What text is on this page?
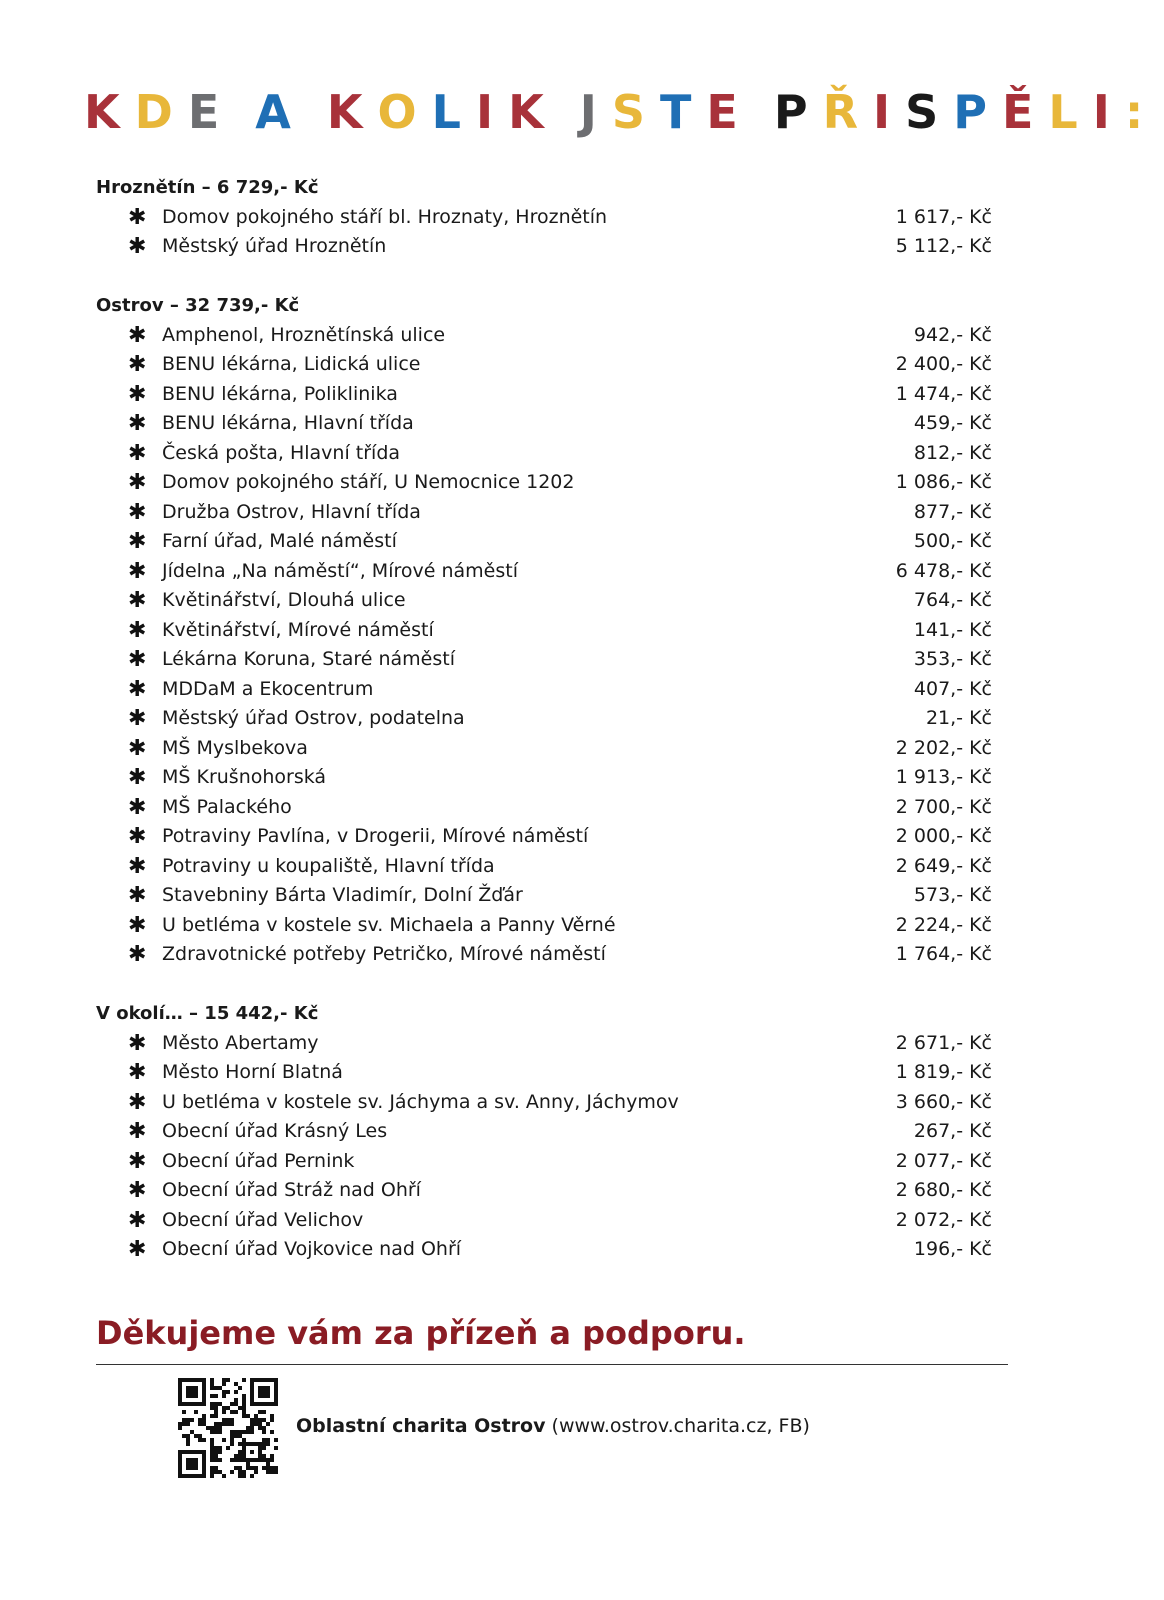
K D E A K O L I K J S T E P Ř I S P Ě L I :
Hroznětín – 6 729,- Kč
✱ Domov pokojného stáří bl. Hroznaty, Hroznětín	1 617,- Kč
✱ Městský úřad Hroznětín	5 112,- Kč
Ostrov – 32 739,- Kč
✱ Amphenol, Hroznětínská ulice	942,- Kč
✱ BENU lékárna, Lidická ulice	2 400,- Kč
✱ BENU lékárna, Poliklinika	1 474,- Kč
✱ BENU lékárna, Hlavní třída	459,- Kč
✱ Česká pošta, Hlavní třída	812,- Kč
✱ Domov pokojného stáří, U Nemocnice 1202	1 086,- Kč
✱ Družba Ostrov, Hlavní třída	877,- Kč
✱ Farní úřad, Malé náměstí	500,- Kč
✱ Jídelna „Na náměstí“, Mírové náměstí	6 478,- Kč
✱ Květinářství, Dlouhá ulice	764,- Kč
✱ Květinářství, Mírové náměstí	141,- Kč
✱ Lékárna Koruna, Staré náměstí	353,- Kč
✱ MDDaM a Ekocentrum	407,- Kč
✱ Městský úřad Ostrov, podatelna	21,- Kč
✱ MŠ Myslbekova	2 202,- Kč
✱ MŠ Krušnohorská	1 913,- Kč
✱ MŠ Palackého	2 700,- Kč
✱ Potraviny Pavlína, v Drogerii, Mírové náměstí	2 000,- Kč
✱ Potraviny u koupaliště, Hlavní třída	2 649,- Kč
✱ Stavebniny Bárta Vladimír, Dolní Žďár	573,- Kč
✱ U betléma v kostele sv. Michaela a Panny Věrné	2 224,- Kč
✱ Zdravotnické potřeby Petričko, Mírové náměstí	1 764,- Kč
V okolí… – 15 442,- Kč
✱ Město Abertamy	2 671,- Kč
✱ Město Horní Blatná	1 819,- Kč
✱ U betléma v kostele sv. Jáchyma a sv. Anny, Jáchymov	3 660,- Kč
✱ Obecní úřad Krásný Les	267,- Kč
✱ Obecní úřad Pernink	2 077,- Kč
✱ Obecní úřad Stráž nad Ohří	2 680,- Kč
✱ Obecní úřad Velichov	2 072,- Kč
✱ Obecní úřad Vojkovice nad Ohří	196,- Kč
Děkujeme vám za přízeň a podporu.
Oblastní charita Ostrov (www.ostrov.charita.cz, FB)
